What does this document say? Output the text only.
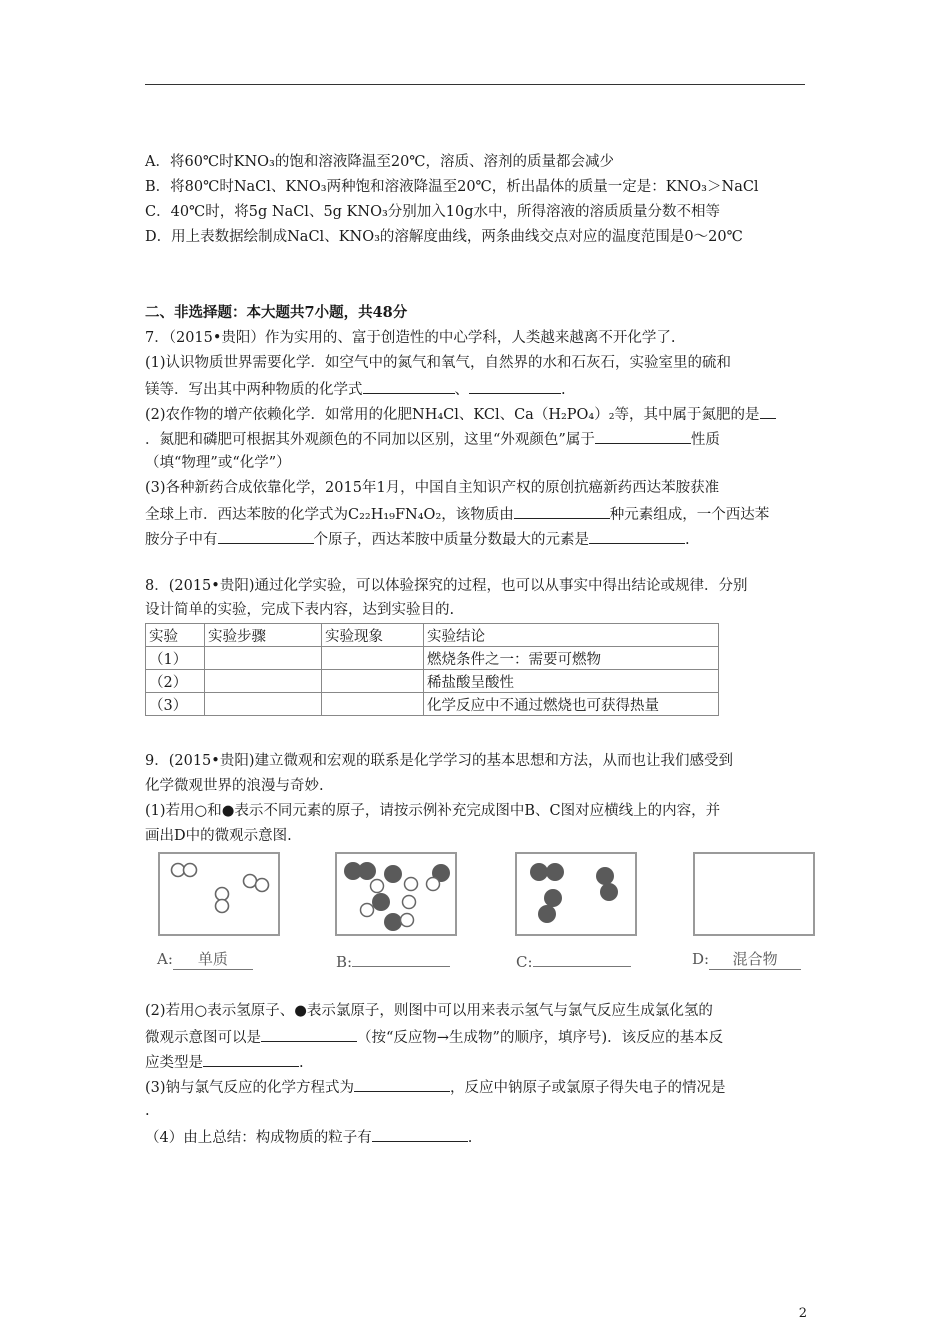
A．将60℃时KNO₃的饱和溶液降温至20℃，溶质、溶剂的质量都会减少
B．将80℃时NaCl、KNO₃两种饱和溶液降温至20℃，析出晶体的质量一定是：KNO₃＞NaCl
C．40℃时，将5g NaCl、5g KNO₃分别加入10g水中，所得溶液的溶质质量分数不相等
D．用上表数据绘制成NaCl、KNO₃的溶解度曲线，两条曲线交点对应的温度范围是0～20℃
二、非选择题：本大题共7小题，共48分
7．（2015•贵阳）作为实用的、富于创造性的中心学科，人类越来越离不开化学了.
(1)认识物质世界需要化学．如空气中的氮气和氧气，自然界的水和石灰石，实验室里的硫和
镁等．写出其中两种物质的化学式	、	.
(2)农作物的增产依赖化学．如常用的化肥NH₄Cl、KCl、Ca（H₂PO₄）₂等，其中属于氮肥的是
．氮肥和磷肥可根据其外观颜色的不同加以区别，这里“外观颜色”属于	性质
（填“物理”或“化学”）
(3)各种新药合成依靠化学，2015年1月，中国自主知识产权的原创抗癌新药西达苯胺获准
全球上市．西达苯胺的化学式为C₂₂H₁₉FN₄O₂，该物质由	种元素组成，一个西达苯
胺分子中有	个原子，西达苯胺中质量分数最大的元素是	.
8．(2015•贵阳)通过化学实验，可以体验探究的过程，也可以从事实中得出结论或规律．分别
设计简单的实验，完成下表内容，达到实验目的.
实验	实验步骤	实验现象	实验结论
（1）			燃烧条件之一：需要可燃物
（2）			稀盐酸呈酸性
（3）			化学反应中不通过燃烧也可获得热量
9．(2015•贵阳)建立微观和宏观的联系是化学学习的基本思想和方法，从而也让我们感受到
化学微观世界的浪漫与奇妙.
(1)若用○和●表示不同元素的原子，请按示例补充完成图中B、C图对应横线上的内容，并
画出D中的微观示意图.
A: 单质	B:	C:	D: 混合物
(2)若用○表示氢原子、●表示氯原子，则图中可以用来表示氢气与氯气反应生成氯化氢的
微观示意图可以是	（按“反应物→生成物”的顺序，填序号)．该反应的基本反
应类型是	.
(3)钠与氯气反应的化学方程式为	，反应中钠原子或氯原子得失电子的情况是
.
（4）由上总结：构成物质的粒子有	.
2
